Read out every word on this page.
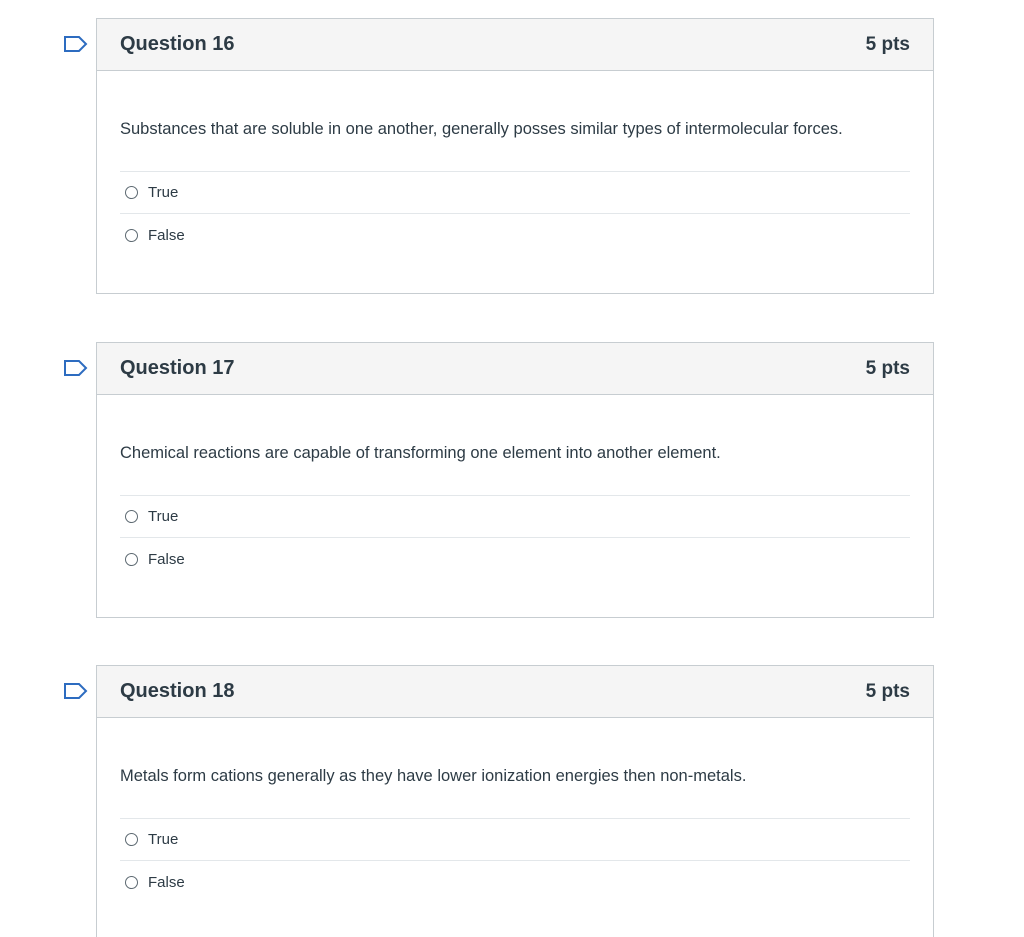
Question 16	5 pts
Substances that are soluble in one another, generally posses similar types of intermolecular forces.
True
False
Question 17	5 pts
Chemical reactions are capable of transforming one element into another element.
True
False
Question 18	5 pts
Metals form cations generally as they have lower ionization energies then non-metals.
True
False
